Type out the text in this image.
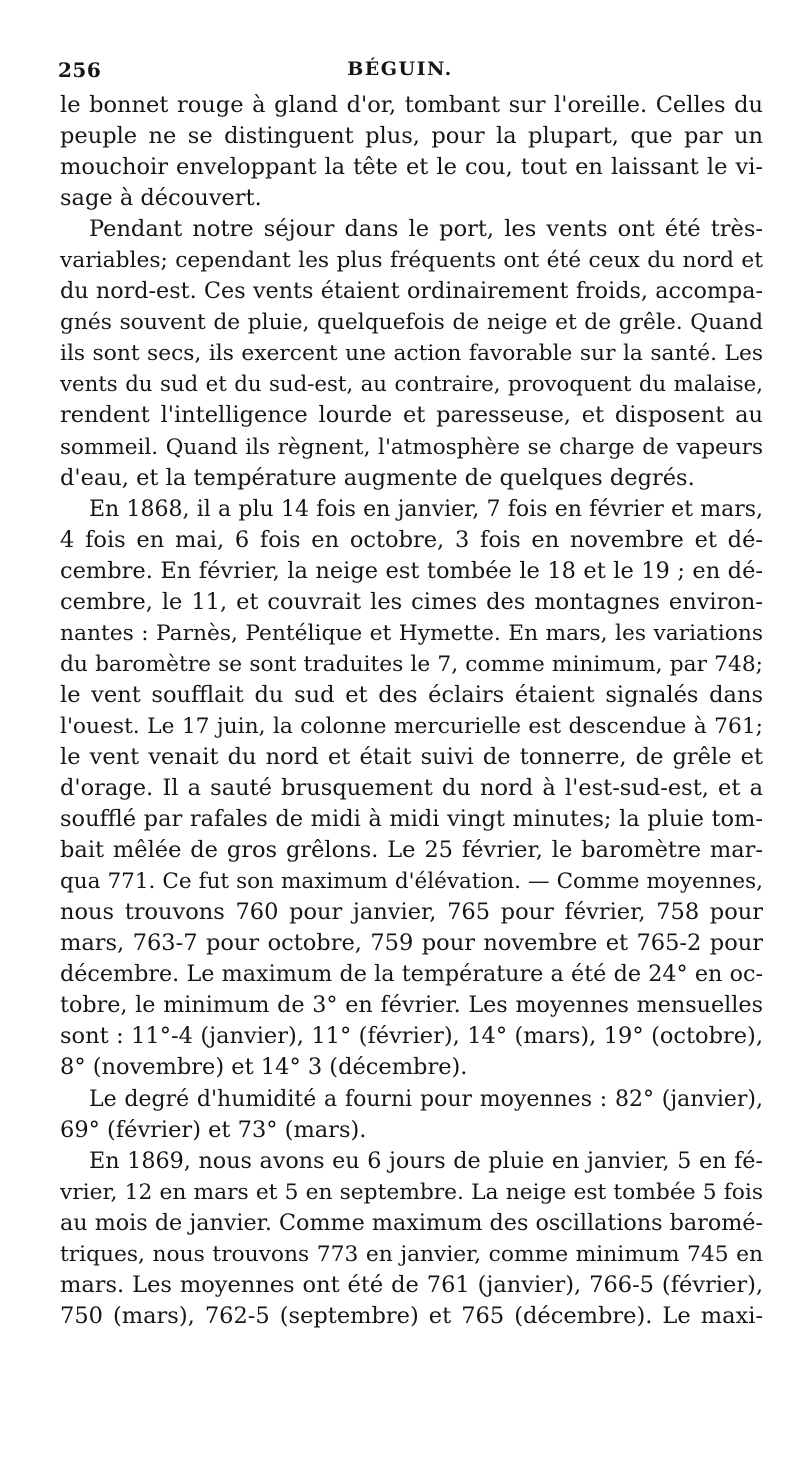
256	BÉGUIN.
le bonnet rouge à gland d'or, tombant sur l'oreille. Celles du
peuple ne se distinguent plus, pour la plupart, que par un
mouchoir enveloppant la tête et le cou, tout en laissant le vi-
sage à découvert.
Pendant notre séjour dans le port, les vents ont été très-
variables; cependant les plus fréquents ont été ceux du nord et
du nord-est. Ces vents étaient ordinairement froids, accompa-
gnés souvent de pluie, quelquefois de neige et de grêle. Quand
ils sont secs, ils exercent une action favorable sur la santé. Les
vents du sud et du sud-est, au contraire, provoquent du malaise,
rendent l'intelligence lourde et paresseuse, et disposent au
sommeil. Quand ils règnent, l'atmosphère se charge de vapeurs
d'eau, et la température augmente de quelques degrés.
En 1868, il a plu 14 fois en janvier, 7 fois en février et mars,
4 fois en mai, 6 fois en octobre, 3 fois en novembre et dé-
cembre. En février, la neige est tombée le 18 et le 19 ; en dé-
cembre, le 11, et couvrait les cimes des montagnes environ-
nantes : Parnès, Pentélique et Hymette. En mars, les variations
du baromètre se sont traduites le 7, comme minimum, par 748;
le vent soufflait du sud et des éclairs étaient signalés dans
l'ouest. Le 17 juin, la colonne mercurielle est descendue à 761;
le vent venait du nord et était suivi de tonnerre, de grêle et
d'orage. Il a sauté brusquement du nord à l'est-sud-est, et a
soufflé par rafales de midi à midi vingt minutes; la pluie tom-
bait mêlée de gros grêlons. Le 25 février, le baromètre mar-
qua 771. Ce fut son maximum d'élévation. — Comme moyennes,
nous trouvons 760 pour janvier, 765 pour février, 758 pour
mars, 763-7 pour octobre, 759 pour novembre et 765-2 pour
décembre. Le maximum de la température a été de 24° en oc-
tobre, le minimum de 3° en février. Les moyennes mensuelles
sont : 11°-4 (janvier), 11° (février), 14° (mars), 19° (octobre),
8° (novembre) et 14° 3 (décembre).
Le degré d'humidité a fourni pour moyennes : 82° (janvier),
69° (février) et 73° (mars).
En 1869, nous avons eu 6 jours de pluie en janvier, 5 en fé-
vrier, 12 en mars et 5 en septembre. La neige est tombée 5 fois
au mois de janvier. Comme maximum des oscillations baromé-
triques, nous trouvons 773 en janvier, comme minimum 745 en
mars. Les moyennes ont été de 761 (janvier), 766-5 (février),
750 (mars), 762-5 (septembre) et 765 (décembre). Le maxi-
